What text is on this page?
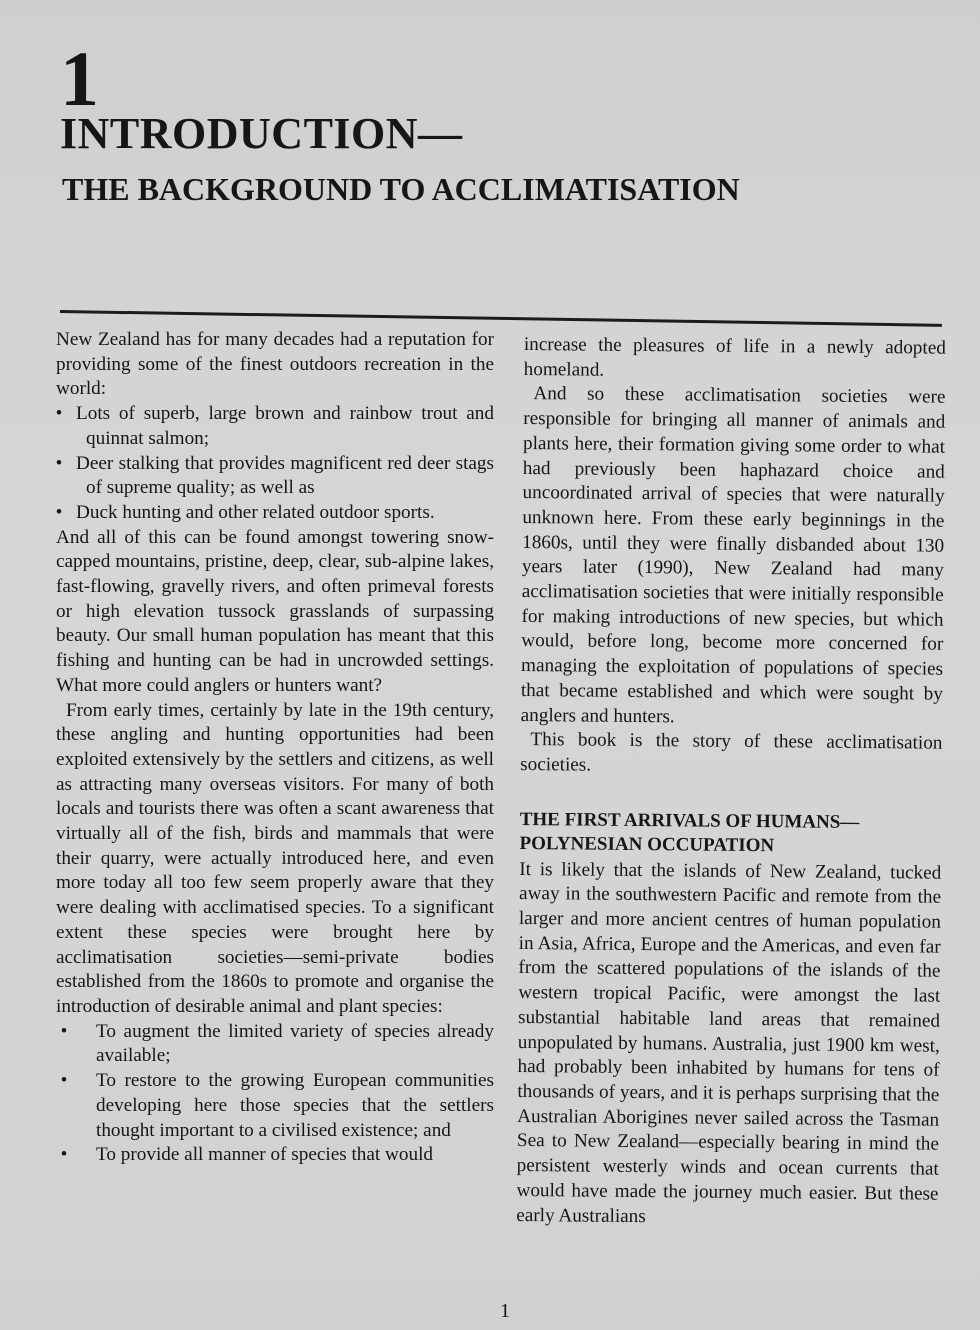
1
INTRODUCTION—
THE BACKGROUND TO ACCLIMATISATION

New Zealand has for many decades had a reputation for providing some of the finest outdoors recreation in the world:

• Lots of superb, large brown and rainbow trout and quinnat salmon;
• Deer stalking that provides magnificent red deer stags of supreme quality; as well as
• Duck hunting and other related outdoor sports.

And all of this can be found amongst towering snow-capped mountains, pristine, deep, clear, sub-alpine lakes, fast-flowing, gravelly rivers, and often primeval forests or high elevation tussock grasslands of surpassing beauty. Our small human population has meant that this fishing and hunting can be had in uncrowded settings. What more could anglers or hunters want?

From early times, certainly by late in the 19th century, these angling and hunting opportunities had been exploited extensively by the settlers and citizens, as well as attracting many overseas visitors. For many of both locals and tourists there was often a scant awareness that virtually all of the fish, birds and mammals that were their quarry, were actually introduced here, and even more today all too few seem properly aware that they were dealing with acclimatised species. To a significant extent these species were brought here by acclimatisation societies—semi-private bodies established from the 1860s to promote and organise the introduction of desirable animal and plant species:

• To augment the limited variety of species already available;
• To restore to the growing European communities developing here those species that the settlers thought important to a civilised existence; and
• To provide all manner of species that would

increase the pleasures of life in a newly adopted homeland.

And so these acclimatisation societies were responsible for bringing all manner of animals and plants here, their formation giving some order to what had previously been haphazard choice and uncoordinated arrival of species that were naturally unknown here. From these early beginnings in the 1860s, until they were finally disbanded about 130 years later (1990), New Zealand had many acclimatisation societies that were initially responsible for making introductions of new species, but which would, before long, become more concerned for managing the exploitation of populations of species that became established and which were sought by anglers and hunters.

This book is the story of these acclimatisation societies.

THE FIRST ARRIVALS OF HUMANS—POLYNESIAN OCCUPATION

It is likely that the islands of New Zealand, tucked away in the southwestern Pacific and remote from the larger and more ancient centres of human population in Asia, Africa, Europe and the Americas, and even far from the scattered populations of the islands of the western tropical Pacific, were amongst the last substantial habitable land areas that remained unpopulated by humans. Australia, just 1900 km west, had probably been inhabited by humans for tens of thousands of years, and it is perhaps surprising that the Australian Aborigines never sailed across the Tasman Sea to New Zealand—especially bearing in mind the persistent westerly winds and ocean currents that would have made the journey much easier. But these early Australians

1
